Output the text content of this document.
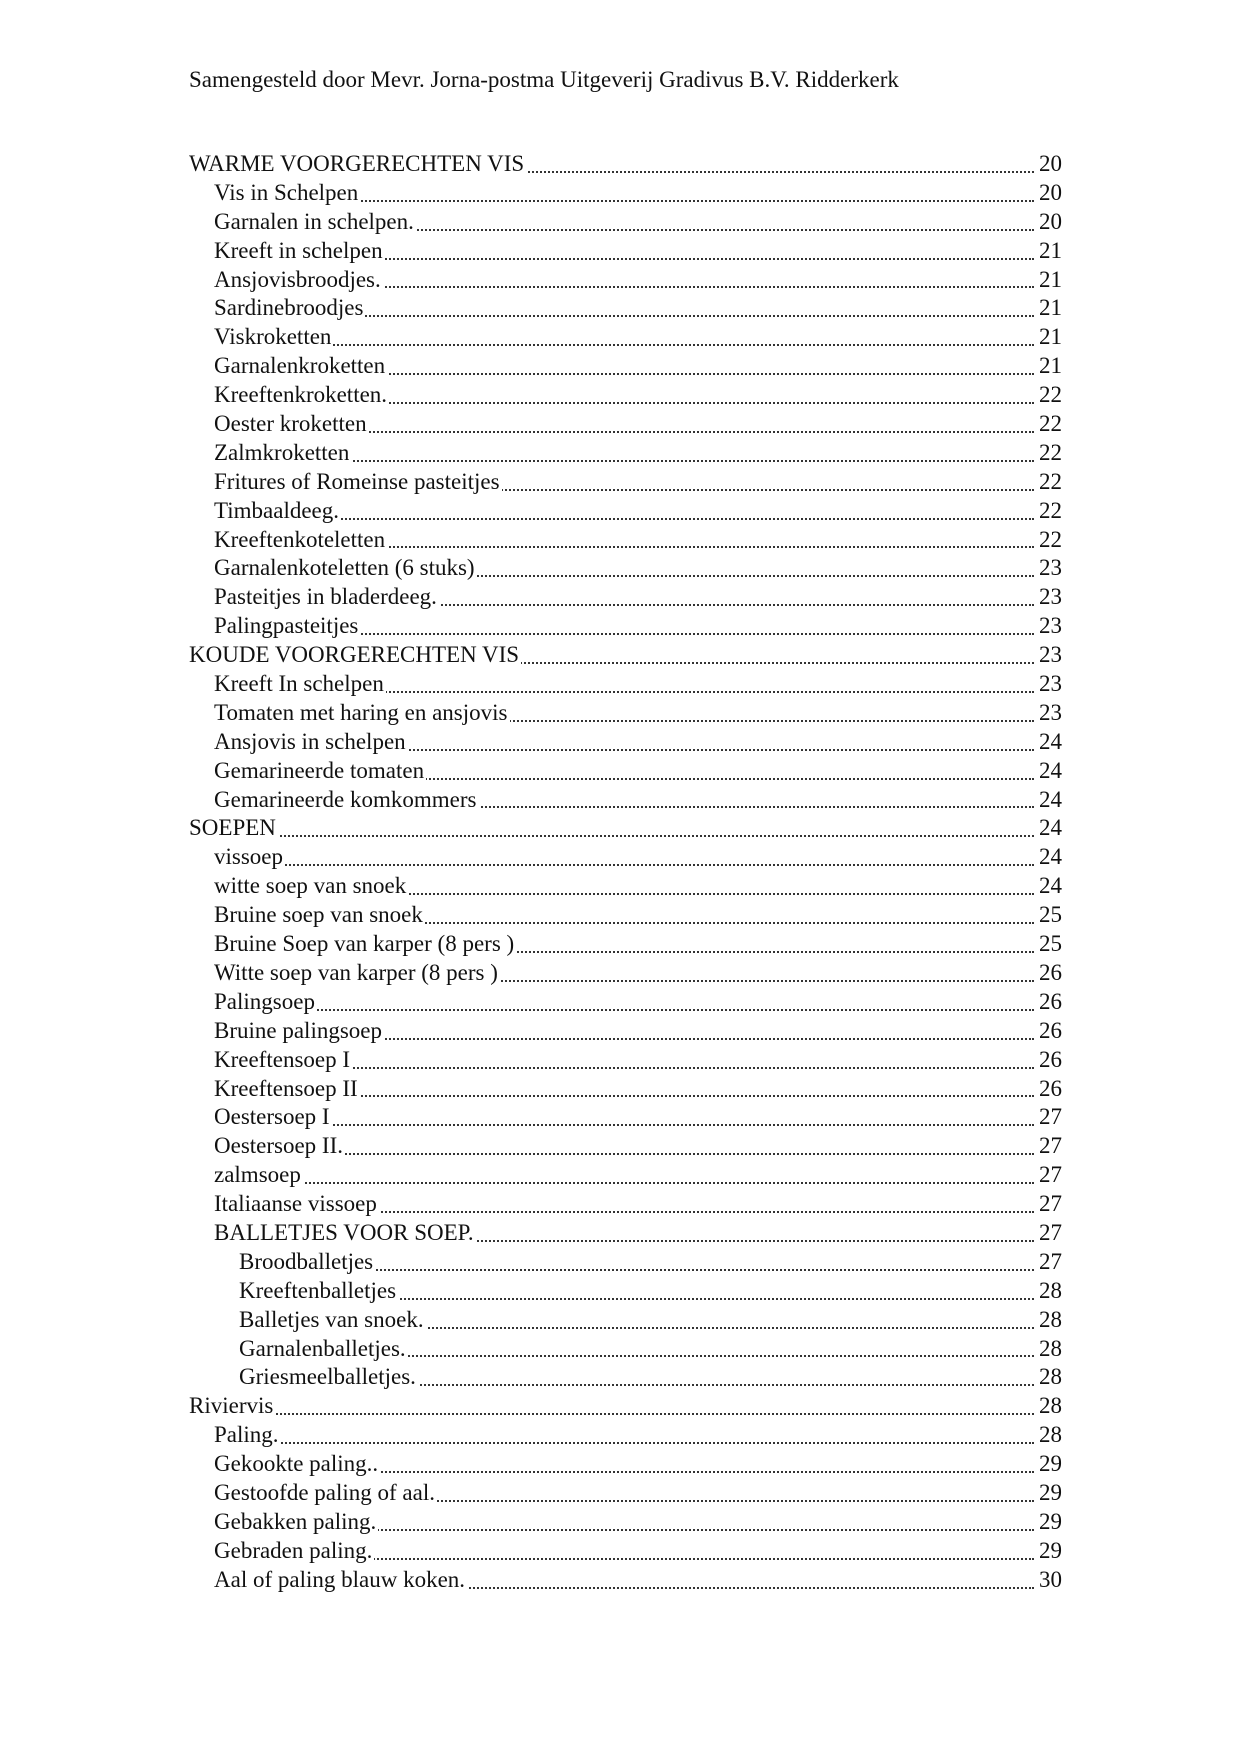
Samengesteld door Mevr. Jorna-postma Uitgeverij Gradivus B.V. Ridderkerk
WARME VOORGERECHTEN VIS	20
Vis in Schelpen	20
Garnalen in schelpen.	20
Kreeft in schelpen	21
Ansjovisbroodjes.	21
Sardinebroodjes	21
Viskroketten	21
Garnalenkroketten	21
Kreeftenkroketten.	22
Oester kroketten	22
Zalmkroketten	22
Fritures of Romeinse pasteitjes	22
Timbaaldeeg.	22
Kreeftenkoteletten	22
Garnalenkoteletten (6 stuks)	23
Pasteitjes in bladerdeeg.	23
Palingpasteitjes	23
KOUDE VOORGERECHTEN VIS	23
Kreeft In schelpen	23
Tomaten met haring en ansjovis	23
Ansjovis in schelpen	24
Gemarineerde tomaten	24
Gemarineerde komkommers	24
SOEPEN	24
vissoep	24
witte soep van snoek	24
Bruine soep van snoek	25
Bruine Soep van karper (8 pers )	25
Witte soep van karper (8 pers )	26
Palingsoep	26
Bruine palingsoep	26
Kreeftensoep I	26
Kreeftensoep II	26
Oestersoep I	27
Oestersoep II.	27
zalmsoep	27
Italiaanse vissoep	27
BALLETJES VOOR SOEP.	27
Broodballetjes	27
Kreeftenballetjes	28
Balletjes van snoek.	28
Garnalenballetjes.	28
Griesmeelballetjes.	28
Riviervis	28
Paling.	28
Gekookte paling..	29
Gestoofde paling of aal.	29
Gebakken paling.	29
Gebraden paling.	29
Aal of paling blauw koken.	30
